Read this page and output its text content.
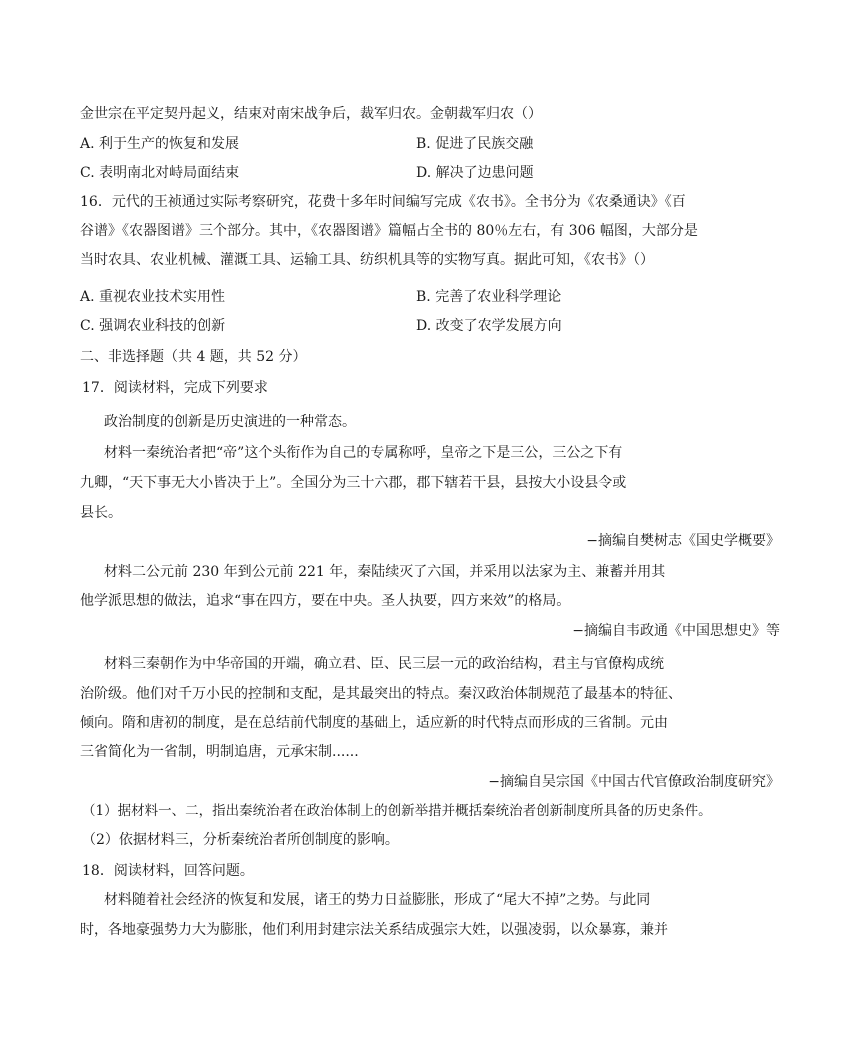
金世宗在平定契丹起义，结束对南宋战争后，裁军归农。金朝裁军归农（）
A. 利于生产的恢复和发展	B. 促进了民族交融
C. 表明南北对峙局面结束	D. 解决了边患问题
16．元代的王祯通过实际考察研究，花费十多年时间编写完成《农书》。全书分为《农桑通诀》《百
谷谱》《农器图谱》三个部分。其中，《农器图谱》篇幅占全书的 80％左右，有 306 幅图，大部分是
当时农具、农业机械、灌溉工具、运输工具、纺织机具等的实物写真。据此可知，《农书》（）
A. 重视农业技术实用性	B. 完善了农业科学理论
C. 强调农业科技的创新	D. 改变了农学发展方向
二、非选择题（共 4 题，共 52 分）
17．阅读材料，完成下列要求
政治制度的创新是历史演进的一种常态。
材料一秦统治者把“帝”这个头衔作为自己的专属称呼，皇帝之下是三公，三公之下有
九卿，“天下事无大小皆决于上”。全国分为三十六郡，郡下辖若干县，县按大小设县令或
县长。
−摘编自樊树志《国史学概要》
材料二公元前 230 年到公元前 221 年，秦陆续灭了六国，并采用以法家为主、兼蓄并用其
他学派思想的做法，追求“事在四方，要在中央。圣人执要，四方来效”的格局。
−摘编自韦政通《中国思想史》等
材料三秦朝作为中华帝国的开端，确立君、臣、民三层一元的政治结构，君主与官僚构成统
治阶级。他们对千万小民的控制和支配，是其最突出的特点。秦汉政治体制规范了最基本的特征、
倾向。隋和唐初的制度，是在总结前代制度的基础上，适应新的时代特点而形成的三省制。元由
三省简化为一省制，明制追唐，元承宋制......
−摘编自吴宗国《中国古代官僚政治制度研究》
（1）据材料一、二，指出秦统治者在政治体制上的创新举措并概括秦统治者创新制度所具备的历史条件。
（2）依据材料三，分析秦统治者所创制度的影响。
18．阅读材料，回答问题。
材料随着社会经济的恢复和发展，诸王的势力日益膨胀，形成了“尾大不掉”之势。与此同
时，各地豪强势力大为膨胀，他们利用封建宗法关系结成强宗大姓，以强凌弱，以众暴寡，兼并
